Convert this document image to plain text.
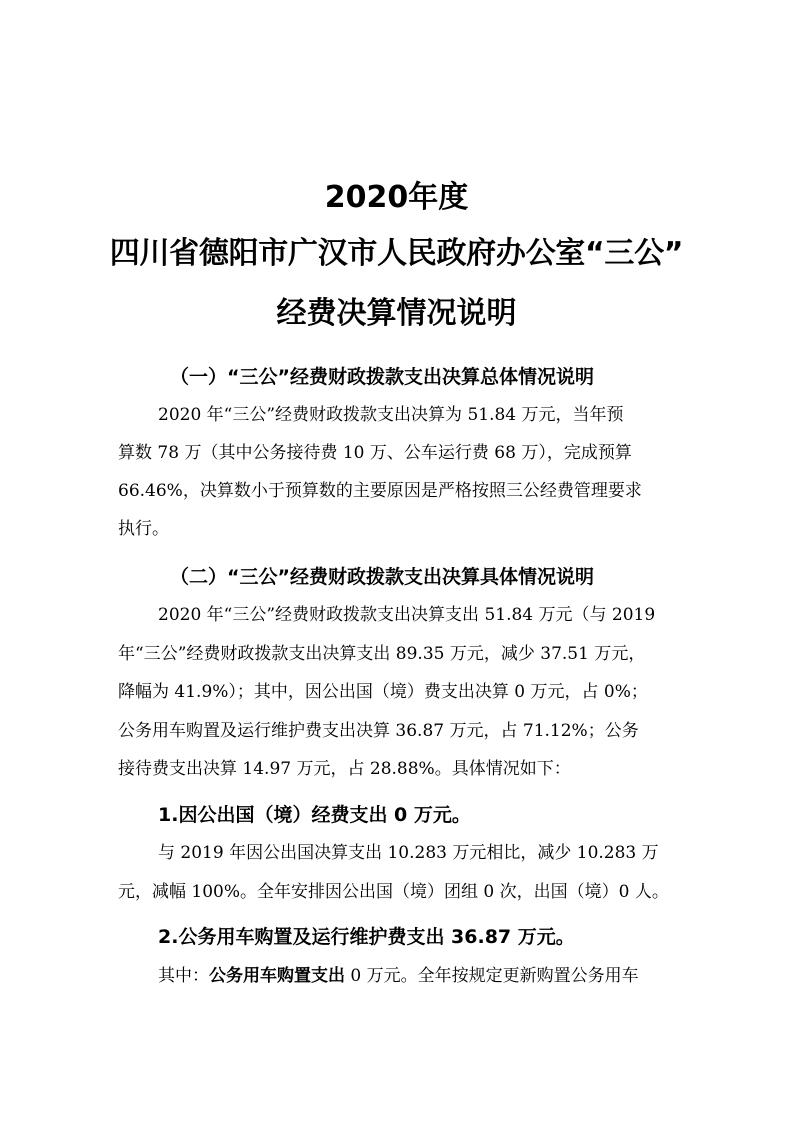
2020年度
四川省德阳市广汉市人民政府办公室“三公”
经费决算情况说明
（一）“三公”经费财政拨款支出决算总体情况说明
2020 年“三公”经费财政拨款支出决算为 51.84 万元，当年预
算数 78 万（其中公务接待费 10 万、公车运行费 68 万），完成预算
66.46%，决算数小于预算数的主要原因是严格按照三公经费管理要求
执行。
（二）“三公”经费财政拨款支出决算具体情况说明
2020 年“三公”经费财政拨款支出决算支出 51.84 万元（与 2019
年“三公”经费财政拨款支出决算支出 89.35 万元，减少 37.51 万元，
降幅为 41.9%）；其中，因公出国（境）费支出决算 0 万元，占 0%；
公务用车购置及运行维护费支出决算 36.87 万元，占 71.12%；公务
接待费支出决算 14.97 万元，占 28.88%。具体情况如下：
1.因公出国（境）经费支出 0 万元。
与 2019 年因公出国决算支出 10.283 万元相比，减少 10.283 万
元，减幅 100%。全年安排因公出国（境）团组 0 次，出国（境）0 人。
2.公务用车购置及运行维护费支出 36.87 万元。
其中：公务用车购置支出 0 万元。全年按规定更新购置公务用车
